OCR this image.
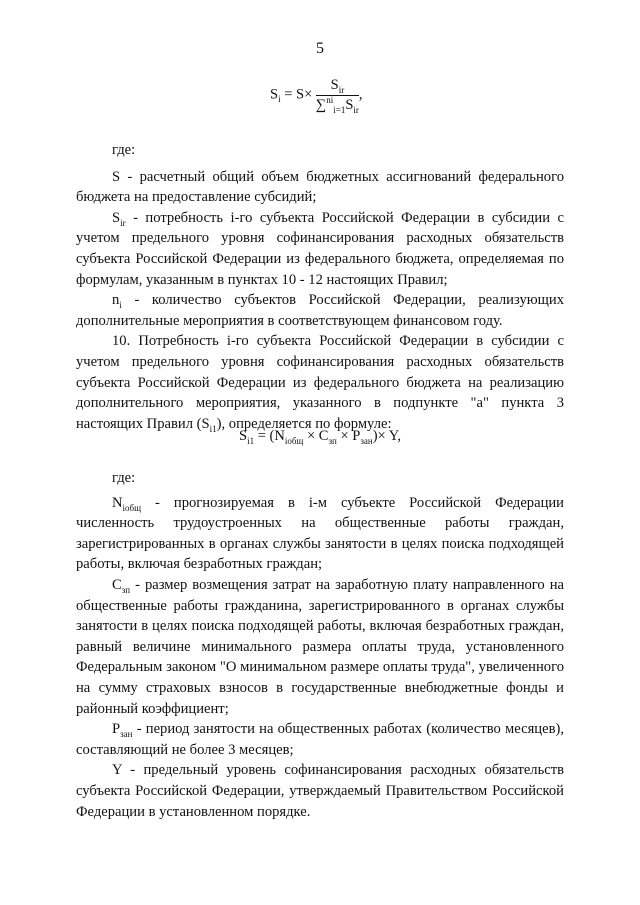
5
$S_i = S\times \frac{S_{ir}}{\sum^{ni}_{i=1}S_{ir}}$ ,

где:

S - расчетный общий объем бюджетных ассигнований федерального бюджета на предоставление субсидий;

$S_{ir}$ - потребность i-го субъекта Российской Федерации в субсидии с учетом предельного уровня софинансирования расходных обязательств субъекта Российской Федерации из федерального бюджета, определяемая по формулам, указанным в пунктах 10 - 12 настоящих Правил;

$n_i$ - количество субъектов Российской Федерации, реализующих дополнительные мероприятия в соответствующем финансовом году.

10. Потребность i-го субъекта Российской Федерации в субсидии с учетом предельного уровня софинансирования расходных обязательств субъекта Российской Федерации из федерального бюджета на реализацию дополнительного мероприятия, указанного в подпункте "а" пункта 3 настоящих Правил $(S_{i1})$, определяется по формуле:

$S_{i1} = (N_{iобщ} \times C_{зп} \times P_{зан})\times Y$,

где:

$N_{iобщ}$ - прогнозируемая в i-м субъекте Российской Федерации численность трудоустроенных на общественные работы граждан, зарегистрированных в органах службы занятости в целях поиска подходящей работы, включая безработных граждан;

$C_{зп}$ - размер возмещения затрат на заработную плату направленного на общественные работы гражданина, зарегистрированного в органах службы занятости в целях поиска подходящей работы, включая безработных граждан, равный величине минимального размера оплаты труда, установленного Федеральным законом "О минимальном размере оплаты труда", увеличенного на сумму страховых взносов в государственные внебюджетные фонды и районный коэффициент;

$P_{зан}$ - период занятости на общественных работах (количество месяцев), составляющий не более 3 месяцев;

Y - предельный уровень софинансирования расходных обязательств субъекта Российской Федерации, утверждаемый Правительством Российской Федерации в установленном порядке.
